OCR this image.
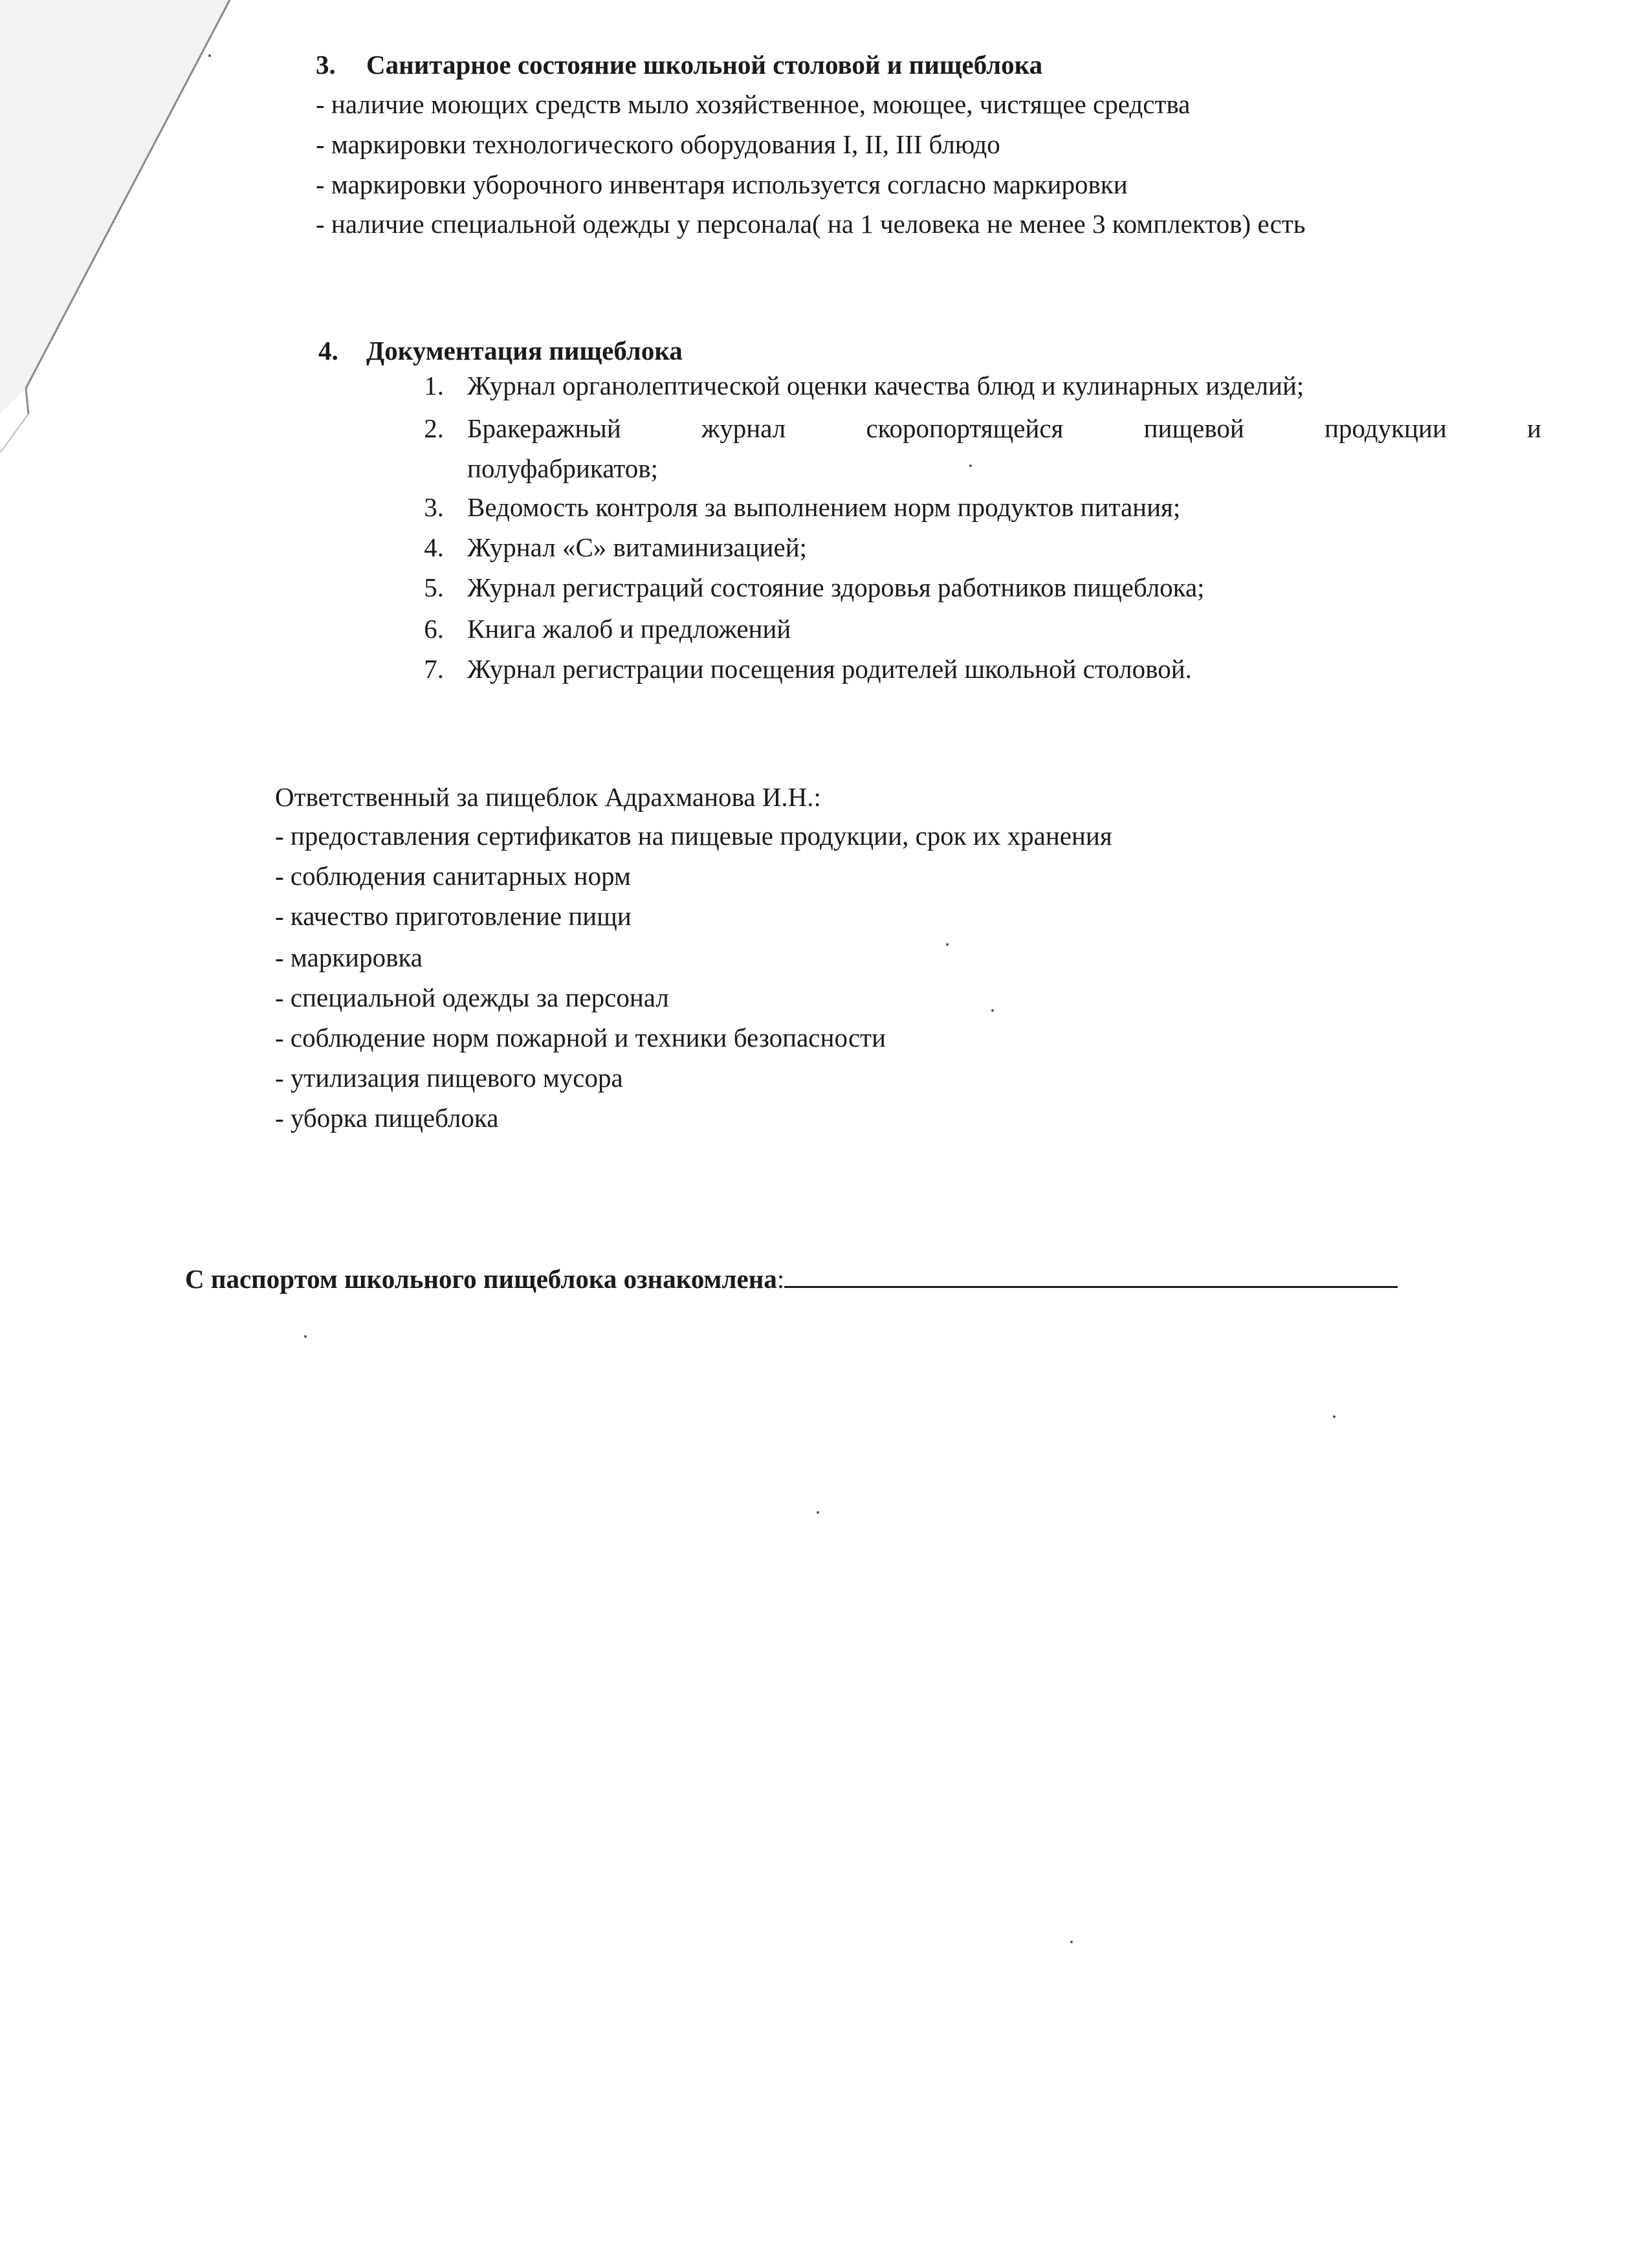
3. Санитарное состояние школьной столовой и пищеблока
- наличие моющих средств мыло хозяйственное, моющее, чистящее средства
- маркировки технологического оборудования I, II, III блюдо
- маркировки уборочного инвентаря используется согласно маркировки
- наличие специальной одежды у персонала( на 1 человека не менее 3 комплектов) есть
4. Документация пищеблока
1. Журнал органолептической оценки качества блюд и кулинарных изделий;
2. Бракеражный	журнал	скоропортящейся	пищевой	продукции	и
полуфабрикатов;
3. Ведомость контроля за выполнением норм продуктов питания;
4. Журнал «С» витаминизацией;
5. Журнал регистраций состояние здоровья работников пищеблока;
6. Книга жалоб и предложений
7. Журнал регистрации посещения родителей школьной столовой.
Ответственный за пищеблок Адрахманова И.Н.:
- предоставления сертификатов на пищевые продукции, срок их хранения
- соблюдения санитарных норм
- качество приготовление пищи
- маркировка
- специальной одежды за персонал
- соблюдение норм пожарной и техники безопасности
- утилизация пищевого мусора
- уборка пищеблока
С паспортом школьного пищеблока ознакомлена:
